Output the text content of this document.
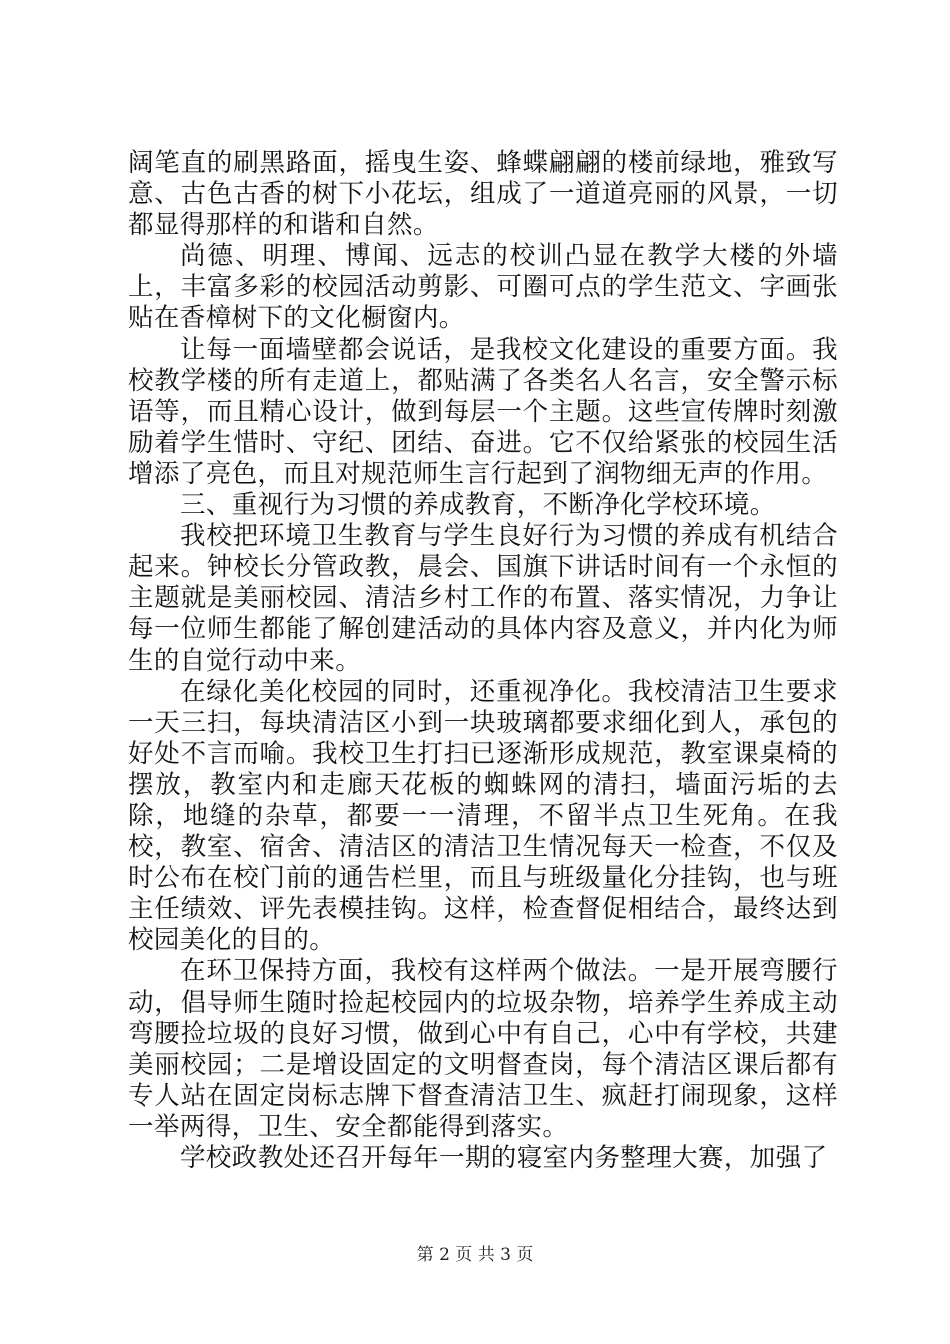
阔笔直的刷黑路面，摇曳生姿、蜂蝶翩翩的楼前绿地，雅致写意、古色古香的树下小花坛，组成了一道道亮丽的风景，一切都显得那样的和谐和自然。

尚德、明理、博闻、远志的校训凸显在教学大楼的外墙上，丰富多彩的校园活动剪影、可圈可点的学生范文、字画张贴在香樟树下的文化橱窗内。

让每一面墙壁都会说话，是我校文化建设的重要方面。我校教学楼的所有走道上，都贴满了各类名人名言，安全警示标语等，而且精心设计，做到每层一个主题。这些宣传牌时刻激励着学生惜时、守纪、团结、奋进。它不仅给紧张的校园生活增添了亮色，而且对规范师生言行起到了润物细无声的作用。

三、重视行为习惯的养成教育，不断净化学校环境。

我校把环境卫生教育与学生良好行为习惯的养成有机结合起来。钟校长分管政教，晨会、国旗下讲话时间有一个永恒的主题就是美丽校园、清洁乡村工作的布置、落实情况，力争让每一位师生都能了解创建活动的具体内容及意义，并内化为师生的自觉行动中来。

在绿化美化校园的同时，还重视净化。我校清洁卫生要求一天三扫，每块清洁区小到一块玻璃都要求细化到人，承包的好处不言而喻。我校卫生打扫已逐渐形成规范，教室课桌椅的摆放，教室内和走廊天花板的蜘蛛网的清扫，墙面污垢的去除，地缝的杂草，都要一一清理，不留半点卫生死角。在我校，教室、宿舍、清洁区的清洁卫生情况每天一检查，不仅及时公布在校门前的通告栏里，而且与班级量化分挂钩，也与班主任绩效、评先表模挂钩。这样，检查督促相结合，最终达到校园美化的目的。

在环卫保持方面，我校有这样两个做法。一是开展弯腰行动，倡导师生随时捡起校园内的垃圾杂物，培养学生养成主动弯腰捡垃圾的良好习惯，做到心中有自己，心中有学校，共建美丽校园；二是增设固定的文明督查岗，每个清洁区课后都有专人站在固定岗标志牌下督查清洁卫生、疯赶打闹现象，这样一举两得，卫生、安全都能得到落实。

学校政教处还召开每年一期的寝室内务整理大赛，加强了

第 2 页 共 3 页
